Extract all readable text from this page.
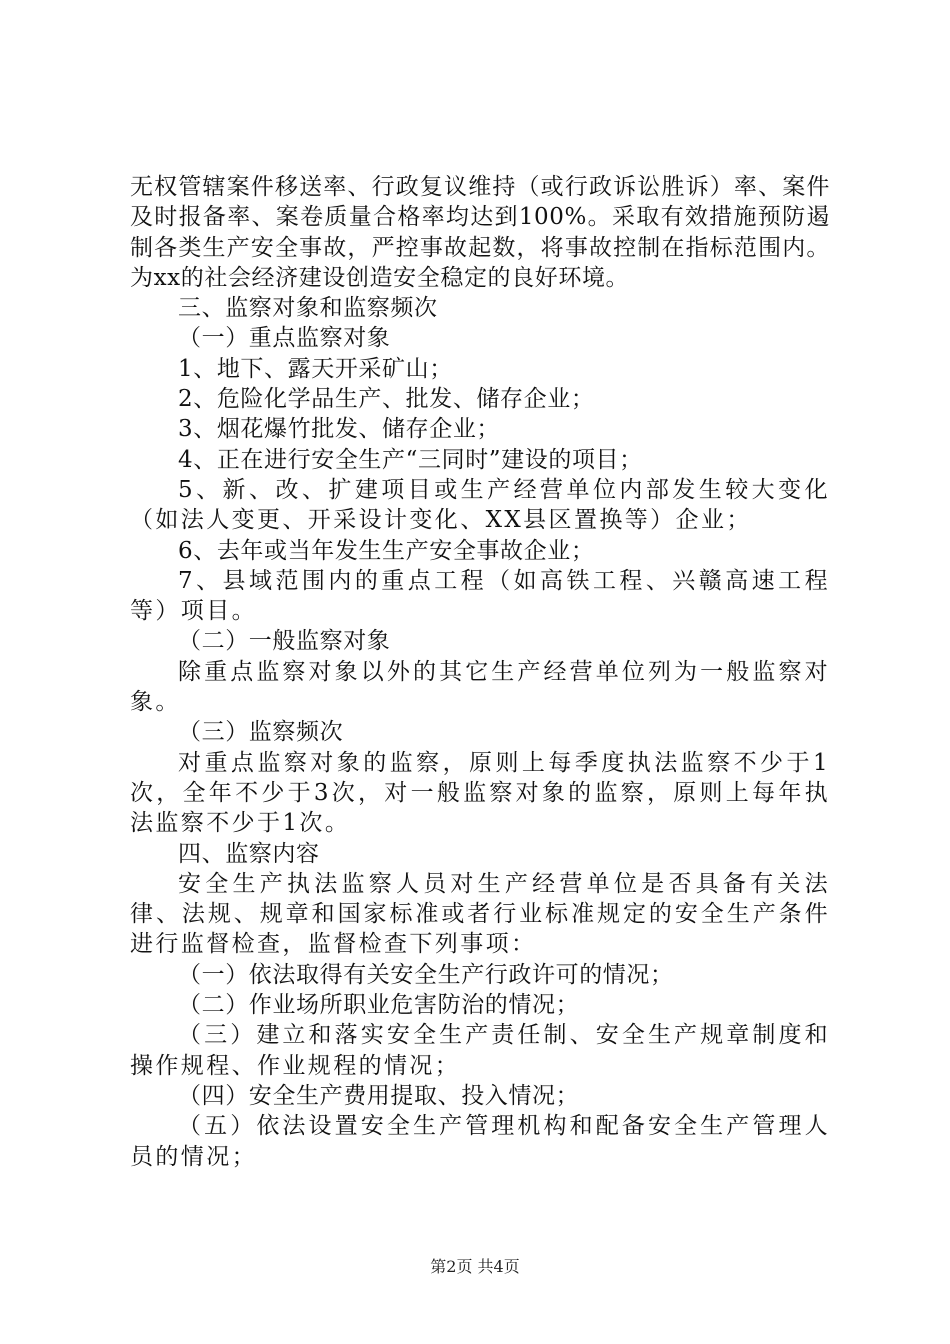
无权管辖案件移送率、行政复议维持（或行政诉讼胜诉）率、案件及时报备率、案卷质量合格率均达到100%。采取有效措施预防遏制各类生产安全事故，严控事故起数，将事故控制在指标范围内。为xx的社会经济建设创造安全稳定的良好环境。

三、监察对象和监察频次

（一）重点监察对象

1、地下、露天开采矿山；

2、危险化学品生产、批发、储存企业；

3、烟花爆竹批发、储存企业；

4、正在进行安全生产“三同时”建设的项目；

5、新、改、扩建项目或生产经营单位内部发生较大变化（如法人变更、开采设计变化、XX县区置换等）企业；

6、去年或当年发生生产安全事故企业；

7、县域范围内的重点工程（如高铁工程、兴赣高速工程等）项目。

（二）一般监察对象

除重点监察对象以外的其它生产经营单位列为一般监察对象。

（三）监察频次

对重点监察对象的监察，原则上每季度执法监察不少于1次，全年不少于3次，对一般监察对象的监察，原则上每年执法监察不少于1次。

四、监察内容

安全生产执法监察人员对生产经营单位是否具备有关法律、法规、规章和国家标准或者行业标准规定的安全生产条件进行监督检查，监督检查下列事项：

（一）依法取得有关安全生产行政许可的情况；

（二）作业场所职业危害防治的情况；

（三）建立和落实安全生产责任制、安全生产规章制度和操作规程、作业规程的情况；

（四）安全生产费用提取、投入情况；

（五）依法设置安全生产管理机构和配备安全生产管理人员的情况；

第2页 共4页
